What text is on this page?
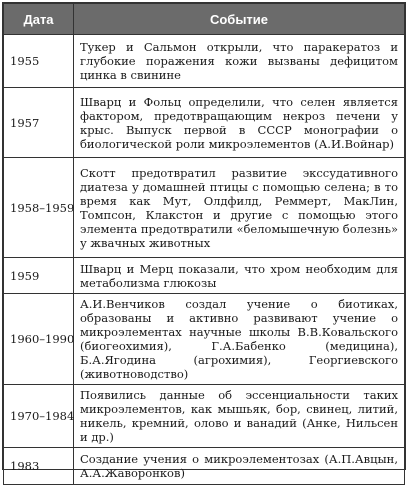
Дата	Событие
1955	Тукер и Сальмон открыли, что паракератоз и глубокие поражения кожи вызваны дефицитом цинка в свинине
1957	Шварц и Фольц определили, что селен является фактором, предотвращающим некроз печени у крыс. Выпуск первой в СССР монографии о биологической роли микроэлементов (А.И.Войнар)
1958–1959	Скотт предотвратил развитие экссудативного диатеза у домашней птицы с помощью селена; в то время как Мут, Олдфилд, Реммерт, МакЛин, Томпсон, Клакстон и другие с помощью этого элемента предотвратили «беломышечную болезнь» у жвачных животных
1959	Шварц и Мерц показали, что хром необходим для метаболизма глюкозы
1960–1990	А.И.Венчиков создал учение о биотиках, образованы и активно развивают учение о микроэлементах научные школы В.В.Ковальского (биогеохимия), Г.А.Бабенко (медицина), Б.А.Ягодина (агрохимия), Георгиевского (животноводство)
1970–1984	Появились данные об эссенциальности таких микроэлементов, как мышьяк, бор, свинец, литий, никель, кремний, олово и ванадий (Анке, Нильсен и др.)
1983	Создание учения о микроэлементозах (А.П.Авцын, А.А.Жаворонков)
